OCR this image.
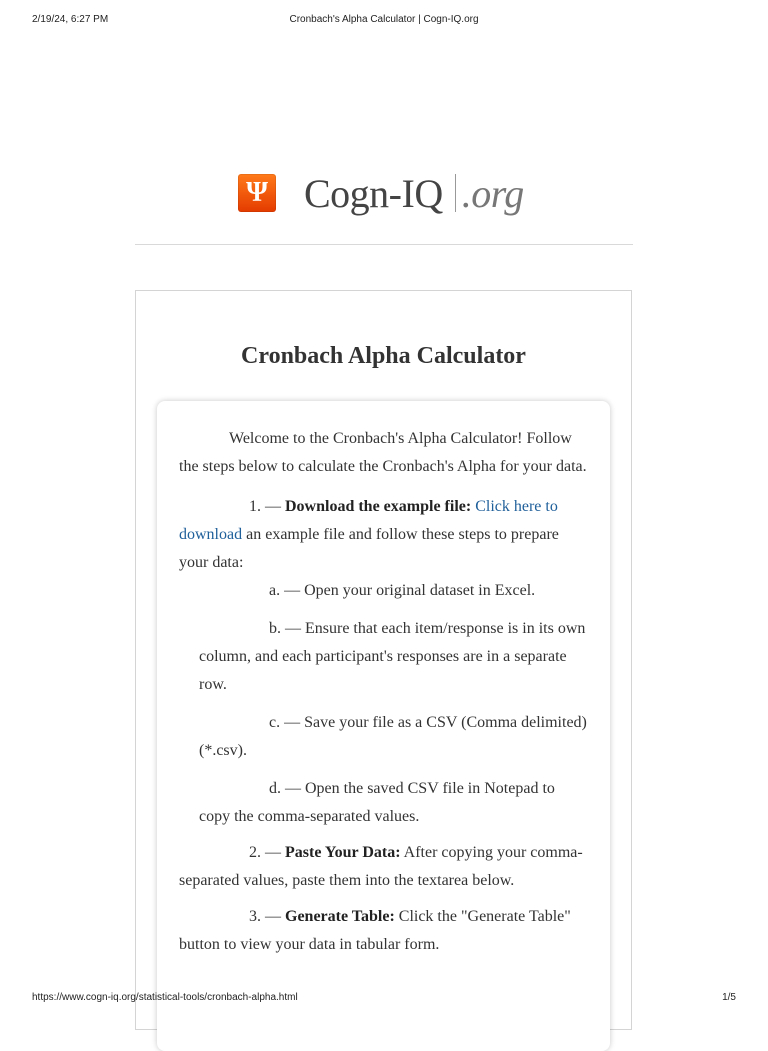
2/19/24, 6:27 PM	Cronbach's Alpha Calculator | Cogn-IQ.org
Ψ Cogn-IQ .org
Cronbach Alpha Calculator

Welcome to the Cronbach's Alpha Calculator! Follow the steps below to calculate the Cronbach's Alpha for your data.

1. — Download the example file: Click here to download an example file and follow these steps to prepare your data:

a. — Open your original dataset in Excel.

b. — Ensure that each item/response is in its own column, and each participant's responses are in a separate row.

c. — Save your file as a CSV (Comma delimited) (*.csv).

d. — Open the saved CSV file in Notepad to copy the comma-separated values.

2. — Paste Your Data: After copying your comma-separated values, paste them into the textarea below.

3. — Generate Table: Click the "Generate Table" button to view your data in tabular form.

https://www.cogn-iq.org/statistical-tools/cronbach-alpha.html	1/5
